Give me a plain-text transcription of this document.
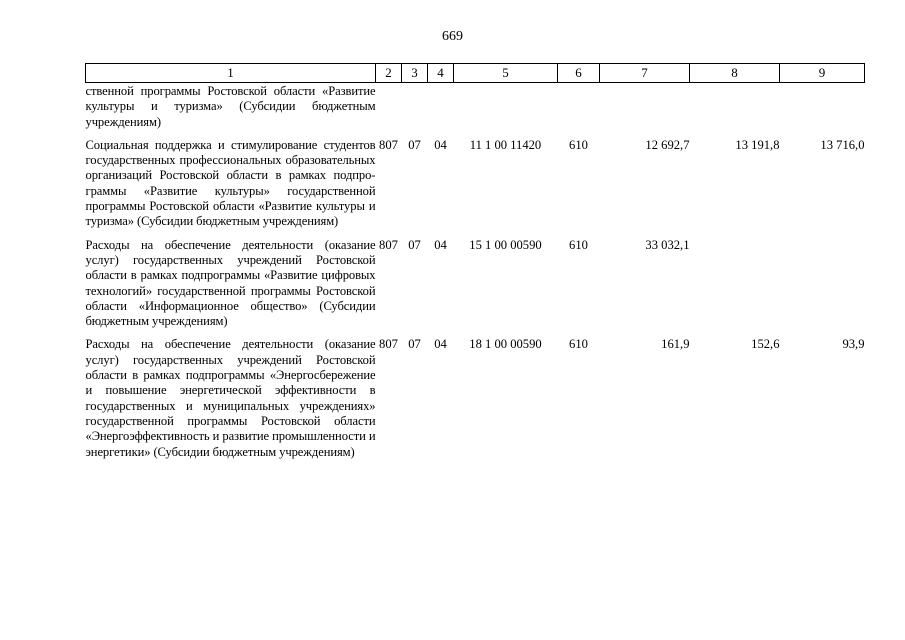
669
1	2	3	4	5	6	7	8	9
ственной программы Ростовской области «Развитие культуры и туризма» (Субсидии бюджетным учреждениям)								
Социальная поддержка и стимулирование студентов государственных профессиональных образовательных организаций Ростовской области в рамках подпрограммы «Развитие культуры» государственной программы Ростовской области «Развитие культуры и туризма» (Субсидии бюджетным учреждениям)	807	07	04	11 1 00 11420	610	12 692,7	13 191,8	13 716,0
Расходы на обеспечение деятельности (оказание услуг) государственных учреждений Ростовской области в рамках подпрограммы «Развитие цифровых технологий» государственной программы Ростовской области «Информационное общество» (Субсидии бюджетным учреждениям)	807	07	04	15 1 00 00590	610	33 032,1		
Расходы на обеспечение деятельности (оказание услуг) государственных учреждений Ростовской области в рамках подпрограммы «Энергосбережение и повышение энергетической эффективности в государственных и муниципальных учреждениях» государственной программы Ростовской области «Энергоэффективность и развитие промышленности и энергетики» (Субсидии бюджетным учреждениям)	807	07	04	18 1 00 00590	610	161,9	152,6	93,9
